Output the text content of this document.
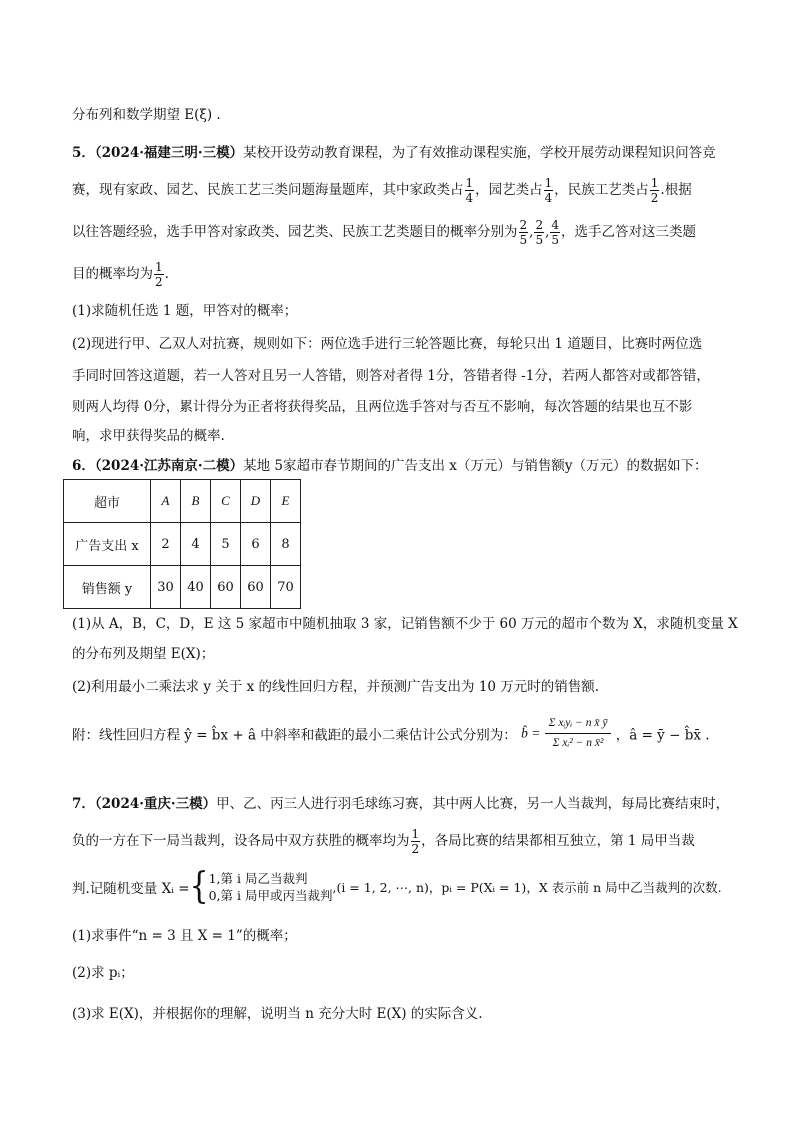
分布列和数学期望 E(ξ) .
5．（2024·福建三明·三模）某校开设劳动教育课程，为了有效推动课程实施，学校开展劳动课程知识问答竞
赛，现有家政、园艺、民族工艺三类问题海量题库，其中家政类占 $\frac{1}{4}$ ，园艺类占 $\frac{1}{4}$ ，民族工艺类占 $\frac{1}{2}$ .根据
以往答题经验，选手甲答对家政类、园艺类、民族工艺类题目的概率分别为 $\frac{2}{5}$ , $\frac{2}{5}$ , $\frac{4}{5}$ ，选手乙答对这三类题
目的概率均为 $\frac{1}{2}$ .
(1)求随机任选 1 题，甲答对的概率；
(2)现进行甲、乙双人对抗赛，规则如下：两位选手进行三轮答题比赛，每轮只出 1 道题目，比赛时两位选
手同时回答这道题，若一人答对且另一人答错，则答对者得 1分，答错者得 -1分，若两人都答对或都答错，
则两人均得 0分，累计得分为正者将获得奖品，且两位选手答对与否互不影响，每次答题的结果也互不影
响，求甲获得奖品的概率.
6．（2024·江苏南京·二模）某地 5家超市春节期间的广告支出 x（万元）与销售额y（万元）的数据如下：
超市	A	B	C	D	E
广告支出 x	2	4	5	6	8
销售额 y	30	40	60	60	70
(1)从 A，B，C，D，E 这 5 家超市中随机抽取 3 家，记销售额不少于 60 万元的超市个数为 X，求随机变量 X
的分布列及期望 E(X)；
(2)利用最小二乘法求 y 关于 x 的线性回归方程，并预测广告支出为 10 万元时的销售额.
附：线性回归方程 ŷ = b̂x + â 中斜率和截距的最小二乘估计公式分别为： b̂ = $\frac{\text{Σ xᵢyᵢ − n x̄ ȳ}}{\text{Σ xᵢ² − n x̄²}}$ ，â = ȳ − b̂x̄ .
7．（2024·重庆·三模）甲、乙、丙三人进行羽毛球练习赛，其中两人比赛，另一人当裁判，每局比赛结束时，
负的一方在下一局当裁判，设各局中双方获胜的概率均为 $\frac{1}{2}$ ，各局比赛的结果都相互独立，第 1 局甲当裁
判.记随机变量 Xᵢ ={ 1,第 i 局乙当裁判
0,第 i 局甲或丙当裁判
,(i = 1, 2, ⋯, n)，pᵢ = P(Xᵢ = 1)，X 表示前 n 局中乙当裁判的次数.
(1)求事件“n = 3 且 X = 1”的概率；
(2)求 pᵢ；
(3)求 E(X)，并根据你的理解，说明当 n 充分大时 E(X) 的实际含义.
